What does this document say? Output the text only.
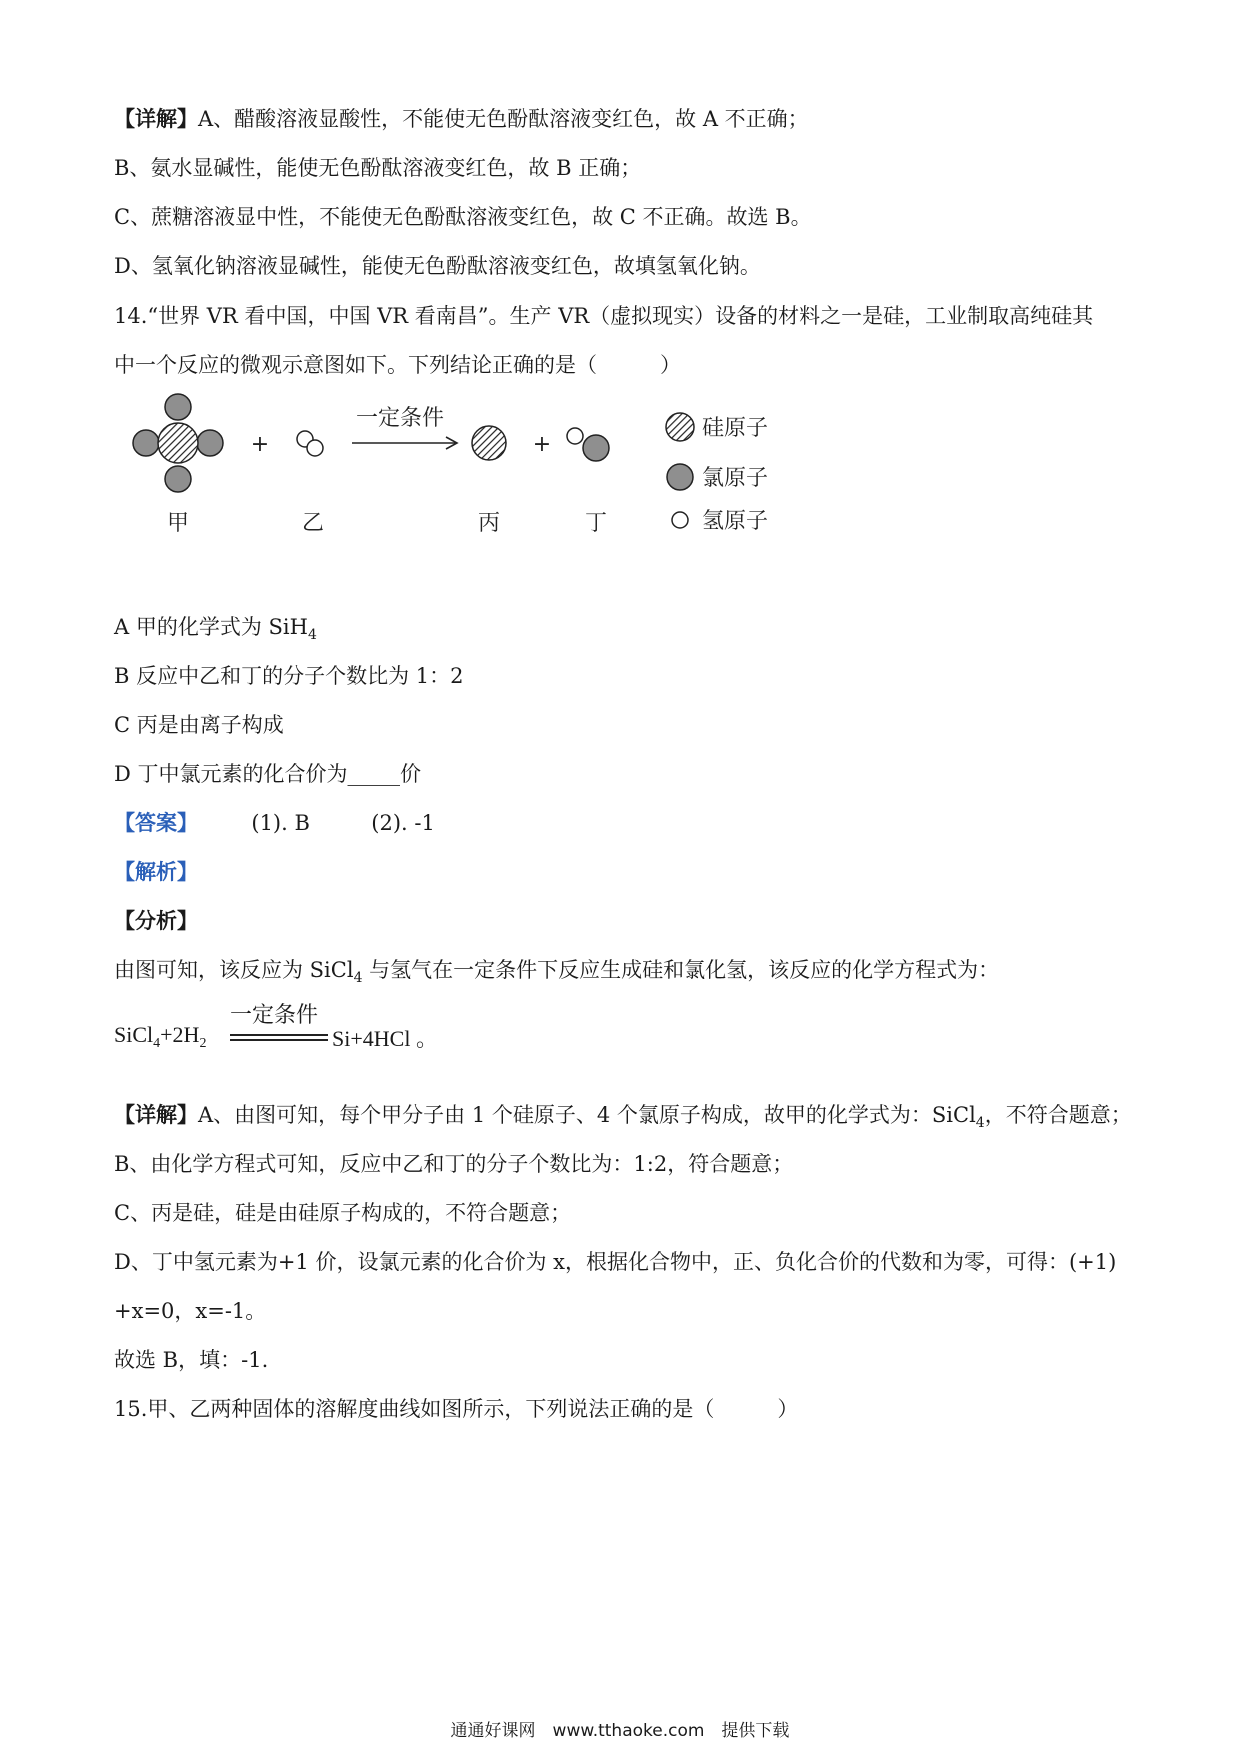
【详解】A、醋酸溶液显酸性，不能使无色酚酞溶液变红色，故 A 不正确；
B、氨水显碱性，能使无色酚酞溶液变红色，故 B 正确；
C、蔗糖溶液显中性，不能使无色酚酞溶液变红色，故 C 不正确。故选 B。
D、氢氧化钠溶液显碱性，能使无色酚酞溶液变红色，故填氢氧化钠。
14.“世界 VR 看中国，中国 VR 看南昌”。生产 VR（虚拟现实）设备的材料之一是硅，工业制取高纯硅其
中一个反应的微观示意图如下。下列结论正确的是（　　　）
+
一定条件
+
甲	乙	丙	丁
硅原子
氯原子
氢原子
A 甲的化学式为 SiH$_4$
B 反应中乙和丁的分子个数比为 1：2
C 丙是由离子构成
D 丁中氯元素的化合价为_____价
【答案】	(1). B	(2). -1
【解析】
【分析】
由图可知，该反应为 SiCl$_4$ 与氢气在一定条件下反应生成硅和氯化氢，该反应的化学方程式为：
$SiCl_4+2H_2$
一定条件
Si+4HCl 。
【详解】A、由图可知，每个甲分子由 1 个硅原子、4 个氯原子构成，故甲的化学式为：SiCl$_4$，不符合题意；
B、由化学方程式可知，反应中乙和丁的分子个数比为：1:2，符合题意；
C、丙是硅，硅是由硅原子构成的，不符合题意；
D、丁中氢元素为+1 价，设氯元素的化合价为 x，根据化合物中，正、负化合价的代数和为零，可得：(+1)
+x=0，x=-1。
故选 B，填：-1.
15.甲、乙两种固体的溶解度曲线如图所示，下列说法正确的是（　　　）
通通好课网　www.tthaoke.com　提供下载
